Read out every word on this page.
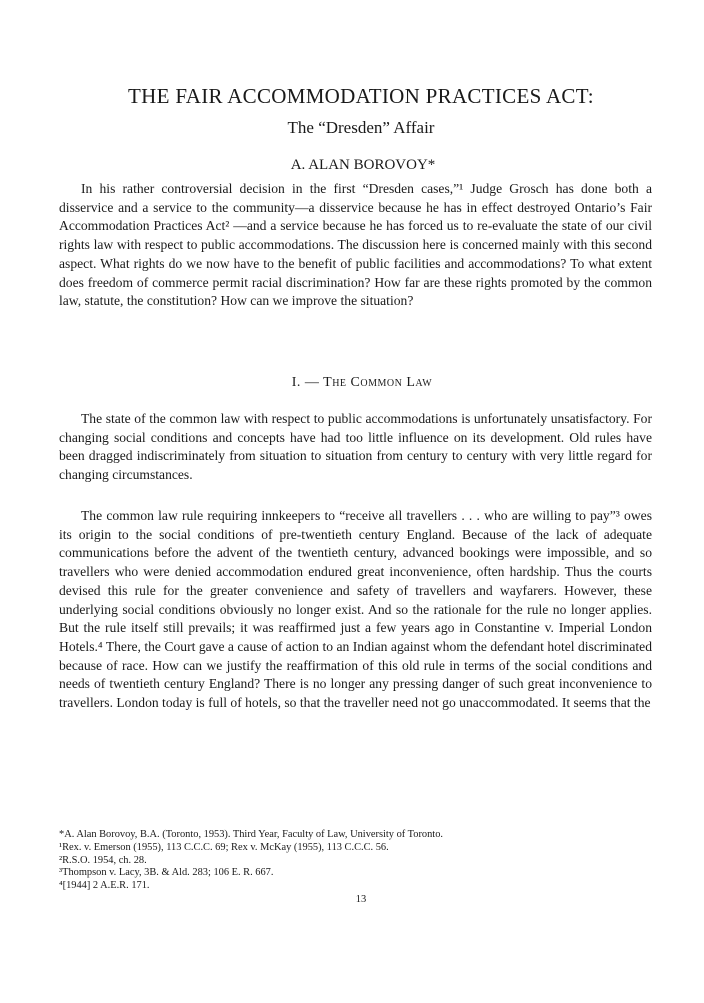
THE FAIR ACCOMMODATION PRACTICES ACT:
The “Dresden” Affair
A. ALAN BOROVOY*

In his rather controversial decision in the first “Dresden cases,”¹ Judge Grosch has done both a disservice and a service to the community—a disservice because he has in effect destroyed Ontario’s Fair Accommodation Practices Act² —and a service because he has forced us to re-evaluate the state of our civil rights law with respect to public accommodations. The discussion here is concerned mainly with this second aspect. What rights do we now have to the benefit of public facilities and accommodations? To what extent does freedom of commerce permit racial discrimination? How far are these rights promoted by the common law, statute, the constitution? How can we improve the situation?

I. — The Common Law

The state of the common law with respect to public accommodations is unfortunately unsatisfactory. For changing social conditions and concepts have had too little influence on its development. Old rules have been dragged indiscriminately from situation to situation from century to century with very little regard for changing circumstances.

The common law rule requiring innkeepers to “receive all travellers . . . who are willing to pay”³ owes its origin to the social conditions of pre-twentieth century England. Because of the lack of adequate communications before the advent of the twentieth century, advanced bookings were impossible, and so travellers who were denied accommodation endured great inconvenience, often hardship. Thus the courts devised this rule for the greater convenience and safety of travellers and wayfarers. However, these underlying social conditions obviously no longer exist. And so the rationale for the rule no longer applies. But the rule itself still prevails; it was reaffirmed just a few years ago in Constantine v. Imperial London Hotels.⁴ There, the Court gave a cause of action to an Indian against whom the defendant hotel discriminated because of race. How can we justify the reaffirmation of this old rule in terms of the social conditions and needs of twentieth century England? There is no longer any pressing danger of such great inconvenience to travellers. London today is full of hotels, so that the traveller need not go unaccommodated. It seems that the

*A. Alan Borovoy, B.A. (Toronto, 1953). Third Year, Faculty of Law, University of Toronto.
¹Rex. v. Emerson (1955), 113 C.C.C. 69; Rex v. McKay (1955), 113 C.C.C. 56.
²R.S.O. 1954, ch. 28.
³Thompson v. Lacy, 3B. & Ald. 283; 106 E. R. 667.
⁴[1944] 2 A.E.R. 171.
13
